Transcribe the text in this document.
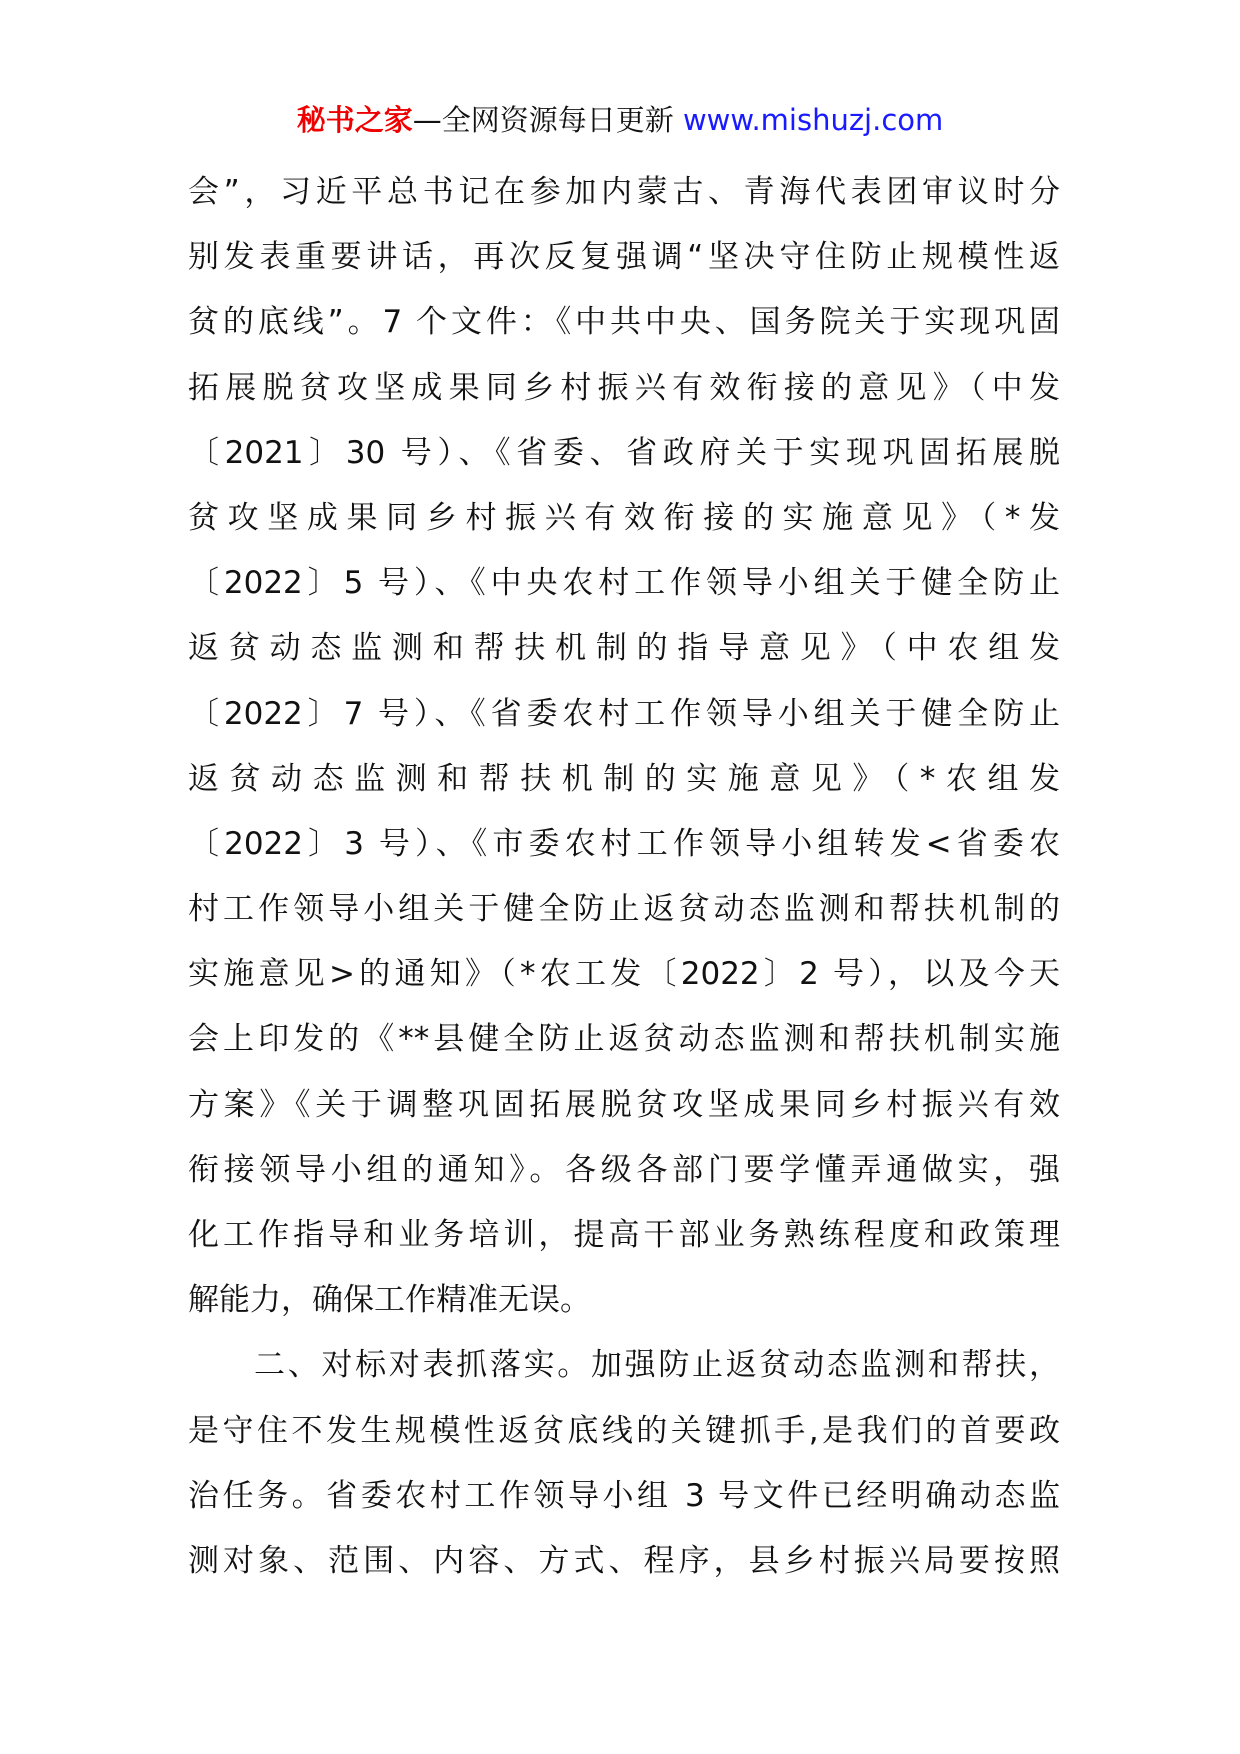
秘书之家—全网资源每日更新 www.mishuzj.com
会”，习近平总书记在参加内蒙古、青海代表团审议时分
别发表重要讲话，再次反复强调“坚决守住防止规模性返
贫的底线”。7 个文件：《中共中央、国务院关于实现巩固
拓展脱贫攻坚成果同乡村振兴有效衔接的意见》（中发
〔2021〕30 号）、《省委、省政府关于实现巩固拓展脱
贫攻坚成果同乡村振兴有效衔接的实施意见》（*发
〔2022〕5 号）、《中央农村工作领导小组关于健全防止
返贫动态监测和帮扶机制的指导意见》（中农组发
〔2022〕7 号）、《省委农村工作领导小组关于健全防止
返贫动态监测和帮扶机制的实施意见》（*农组发
〔2022〕3 号）、《市委农村工作领导小组转发<省委农
村工作领导小组关于健全防止返贫动态监测和帮扶机制的
实施意见>的通知》（*农工发〔2022〕2 号），以及今天
会上印发的《**县健全防止返贫动态监测和帮扶机制实施
方案》《关于调整巩固拓展脱贫攻坚成果同乡村振兴有效
衔接领导小组的通知》。各级各部门要学懂弄通做实，强
化工作指导和业务培训，提高干部业务熟练程度和政策理
解能力，确保工作精准无误。
二、对标对表抓落实。加强防止返贫动态监测和帮扶，
是守住不发生规模性返贫底线的关键抓手,是我们的首要政
治任务。省委农村工作领导小组 3 号文件已经明确动态监
测对象、范围、内容、方式、程序，县乡村振兴局要按照
